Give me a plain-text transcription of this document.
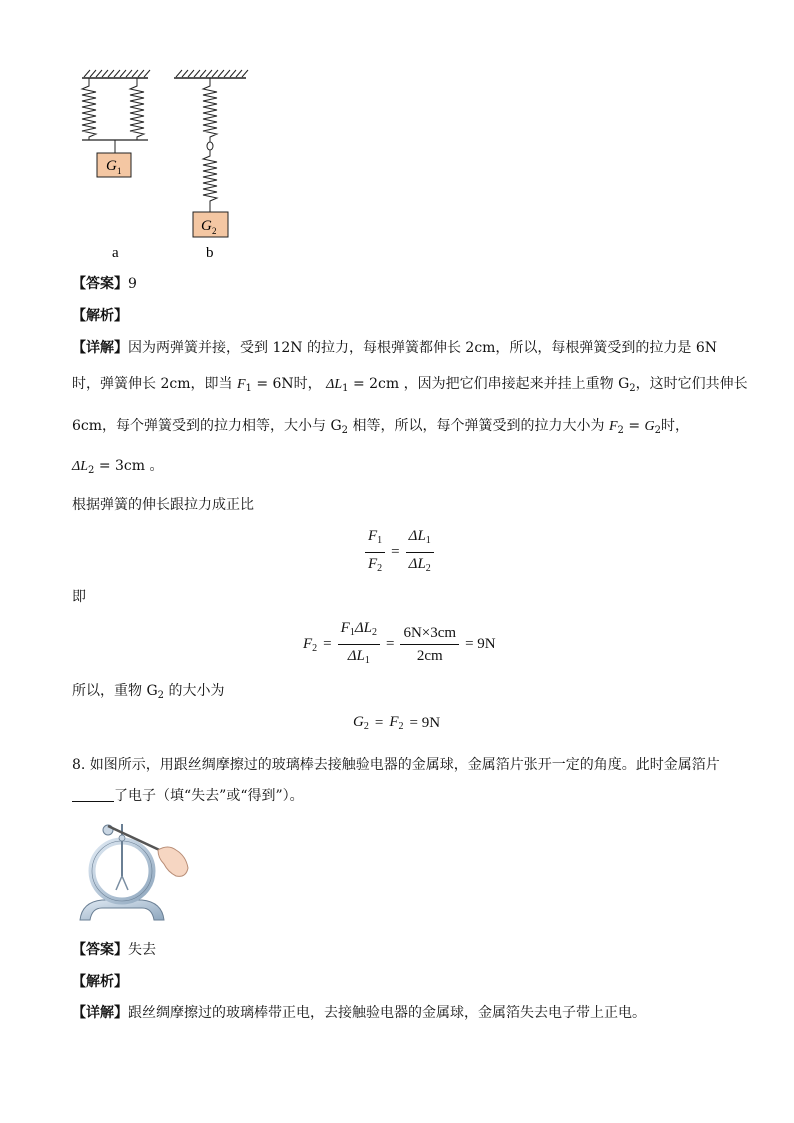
G 1
G 2
a	b
【答案】9
【解析】
【详解】因为两弹簧并接，受到 12N 的拉力，每根弹簧都伸长 2cm，所以，每根弹簧受到的拉力是 6N
时，弹簧伸长 2cm，即当 $F_1 = 6N$时， $\Delta L_1 = 2cm$ ，因为把它们串接起来并挂上重物 $G_2$，这时它们共伸长
6cm，每个弹簧受到的拉力相等，大小与 $G_2$ 相等，所以，每个弹簧受到的拉力大小为 $F_2 = G_2$时，
$\Delta L_2 = 3cm$ 。
根据弹簧的伸长跟拉力成正比
$\frac{F_1}{F_2} = \frac{\Delta L_1}{\Delta L_2}$
即
$F_2 = \frac{F_1\Delta L_2}{\Delta L_1} = \frac{6N\times 3cm}{2cm} = 9N$
所以，重物 $G_2$ 的大小为
$G_2 = F_2 = 9N$
8. 如图所示，用跟丝绸摩擦过的玻璃棒去接触验电器的金属球，金属箔片张开一定的角度。此时金属箔片
了电子（填“失去”或“得到”）。
【答案】失去
【解析】
【详解】跟丝绸摩擦过的玻璃棒带正电，去接触验电器的金属球，金属箔失去电子带上正电。
